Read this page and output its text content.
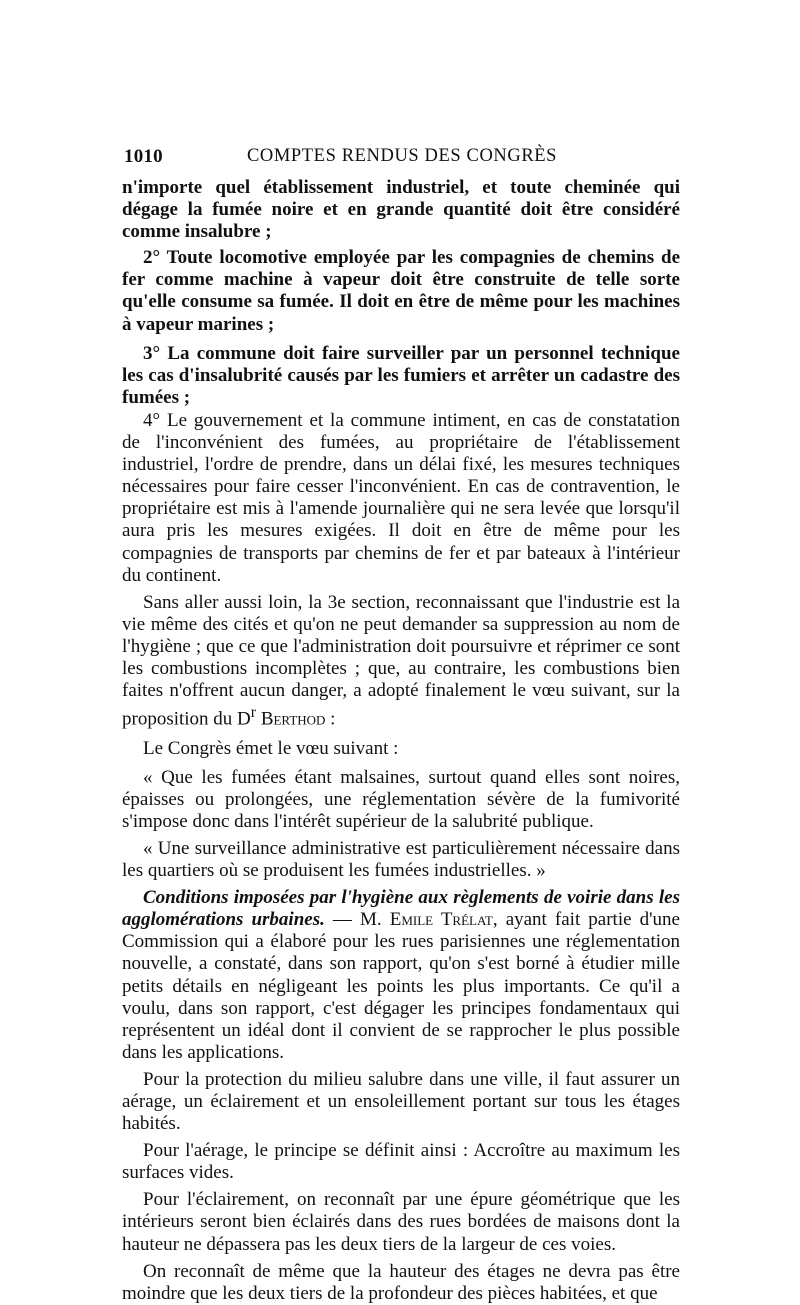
1010	COMPTES RENDUS DES CONGRÈS

n'importe quel établissement industriel, et toute cheminée qui dégage la fumée noire et en grande quantité doit être considéré comme insalubre ;

2° Toute locomotive employée par les compagnies de chemins de fer comme machine à vapeur doit être construite de telle sorte qu'elle consume sa fumée. Il doit en être de même pour les machines à vapeur marines ;

3° La commune doit faire surveiller par un personnel technique les cas d'insalubrité causés par les fumiers et arrêter un cadastre des fumées ;

4° Le gouvernement et la commune intiment, en cas de constatation de l'inconvénient des fumées, au propriétaire de l'établissement industriel, l'ordre de prendre, dans un délai fixé, les mesures techniques nécessaires pour faire cesser l'inconvénient. En cas de contravention, le propriétaire est mis à l'amende journalière qui ne sera levée que lorsqu'il aura pris les mesures exigées. Il doit en être de même pour les compagnies de transports par chemins de fer et par bateaux à l'intérieur du continent.

Sans aller aussi loin, la 3e section, reconnaissant que l'industrie est la vie même des cités et qu'on ne peut demander sa suppression au nom de l'hygiène ; que ce que l'administration doit poursuivre et réprimer ce sont les combustions incomplètes ; que, au contraire, les combustions bien faites n'offrent aucun danger, a adopté finalement le vœu suivant, sur la proposition du $D^r$ Berthod :

Le Congrès émet le vœu suivant :

« Que les fumées étant malsaines, surtout quand elles sont noires, épaisses ou prolongées, une réglementation sévère de la fumivorité s'impose donc dans l'intérêt supérieur de la salubrité publique.

« Une surveillance administrative est particulièrement nécessaire dans les quartiers où se produisent les fumées industrielles. »

Conditions imposées par l'hygiène aux règlements de voirie dans les agglomérations urbaines. — M. Emile Trélat, ayant fait partie d'une Commission qui a élaboré pour les rues parisiennes une réglementation nouvelle, a constaté, dans son rapport, qu'on s'est borné à étudier mille petits détails en négligeant les points les plus importants. Ce qu'il a voulu, dans son rapport, c'est dégager les principes fondamentaux qui représentent un idéal dont il convient de se rapprocher le plus possible dans les applications.

Pour la protection du milieu salubre dans une ville, il faut assurer un aérage, un éclairement et un ensoleillement portant sur tous les étages habités.

Pour l'aérage, le principe se définit ainsi : Accroître au maximum les surfaces vides.

Pour l'éclairement, on reconnaît par une épure géométrique que les intérieurs seront bien éclairés dans des rues bordées de maisons dont la hauteur ne dépassera pas les deux tiers de la largeur de ces voies.

On reconnaît de même que la hauteur des étages ne devra pas être moindre que les deux tiers de la profondeur des pièces habitées, et que
